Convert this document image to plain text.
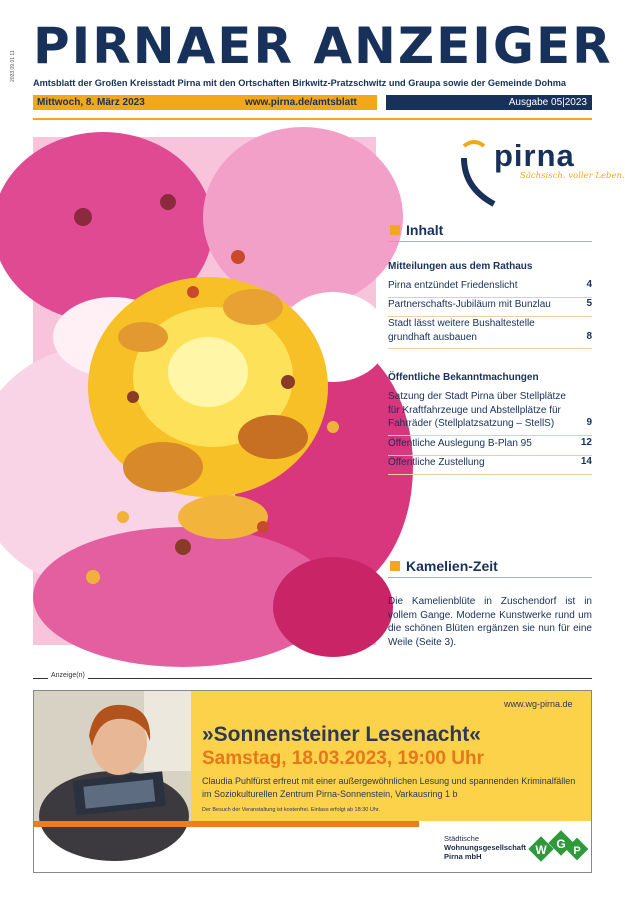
2023.09.01 11 PIRNAER ANZEIGER
Amtsblatt der Großen Kreisstadt Pirna mit den Ortschaften Birkwitz-Pratzschwitz und Graupa sowie der Gemeinde Dohma
Mittwoch, 8. März 2023	www.pirna.de/amtsblatt	Ausgabe 05|2023
pirna
Sächsisch. voller Leben.
Inhalt
Mitteilungen aus dem Rathaus
Pirna entzündet Friedenslicht	4
Partnerschafts-Jubiläum mit Bunzlau	5
Stadt lässt weitere Bushaltestelle grundhaft ausbauen	8
Öffentliche Bekanntmachungen
Satzung der Stadt Pirna über Stellplätze für Kraftfahrzeuge und Abstellplätze für Fahrräder (Stellplatzsatzung – StellS)	9
Öffentliche Auslegung B-Plan 95	12
Öffentliche Zustellung	14
Kamelien-Zeit

Die Kamelienblüte in Zuschendorf ist in vollem Gange. Moderne Kunstwerke rund um die schönen Blüten ergänzen sie nun für eine Weile (Seite 3).

Anzeige(n)
www.wg-pirna.de
»Sonnensteiner Lesenacht«
Samstag, 18.03.2023, 19:00 Uhr
Claudia Puhlfürst erfreut mit einer außergewöhnlichen Lesung und spannenden Kriminalfällen im Soziokulturellen Zentrum Pirna-Sonnenstein, Varkausring 1 b
Der Besuch der Veranstaltung ist kostenfrei. Einlass erfolgt ab 18:30 Uhr.
Städtische
Wohnungsgesellschaft
Pirna mbH	W G P
